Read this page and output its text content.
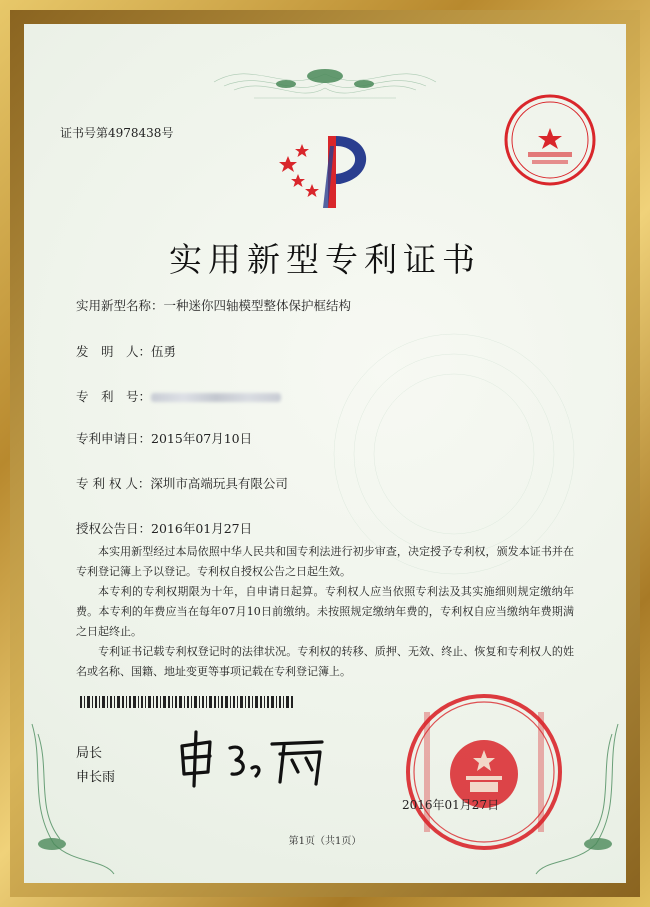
证书号第4978438号
实用新型专利证书
实用新型名称：一种迷你四轴模型整体保护框结构
发　明　人：伍勇
专　利　号：
专利申请日：2015年07月10日
专 利 权 人：深圳市高端玩具有限公司
授权公告日：2016年01月27日
本实用新型经过本局依照中华人民共和国专利法进行初步审查，决定授予专利权，颁发本证书并在专利登记簿上予以登记。专利权自授权公告之日起生效。
本专利的专利权期限为十年，自申请日起算。专利权人应当依照专利法及其实施细则规定缴纳年费。本专利的年费应当在每年07月10日前缴纳。未按照规定缴纳年费的，专利权自应当缴纳年费期满之日起终止。
专利证书记载专利权登记时的法律状况。专利权的转移、质押、无效、终止、恢复和专利权人的姓名或名称、国籍、地址变更等事项记载在专利登记簿上。
局长
申长雨
2016年01月27日
第1页（共1页）
